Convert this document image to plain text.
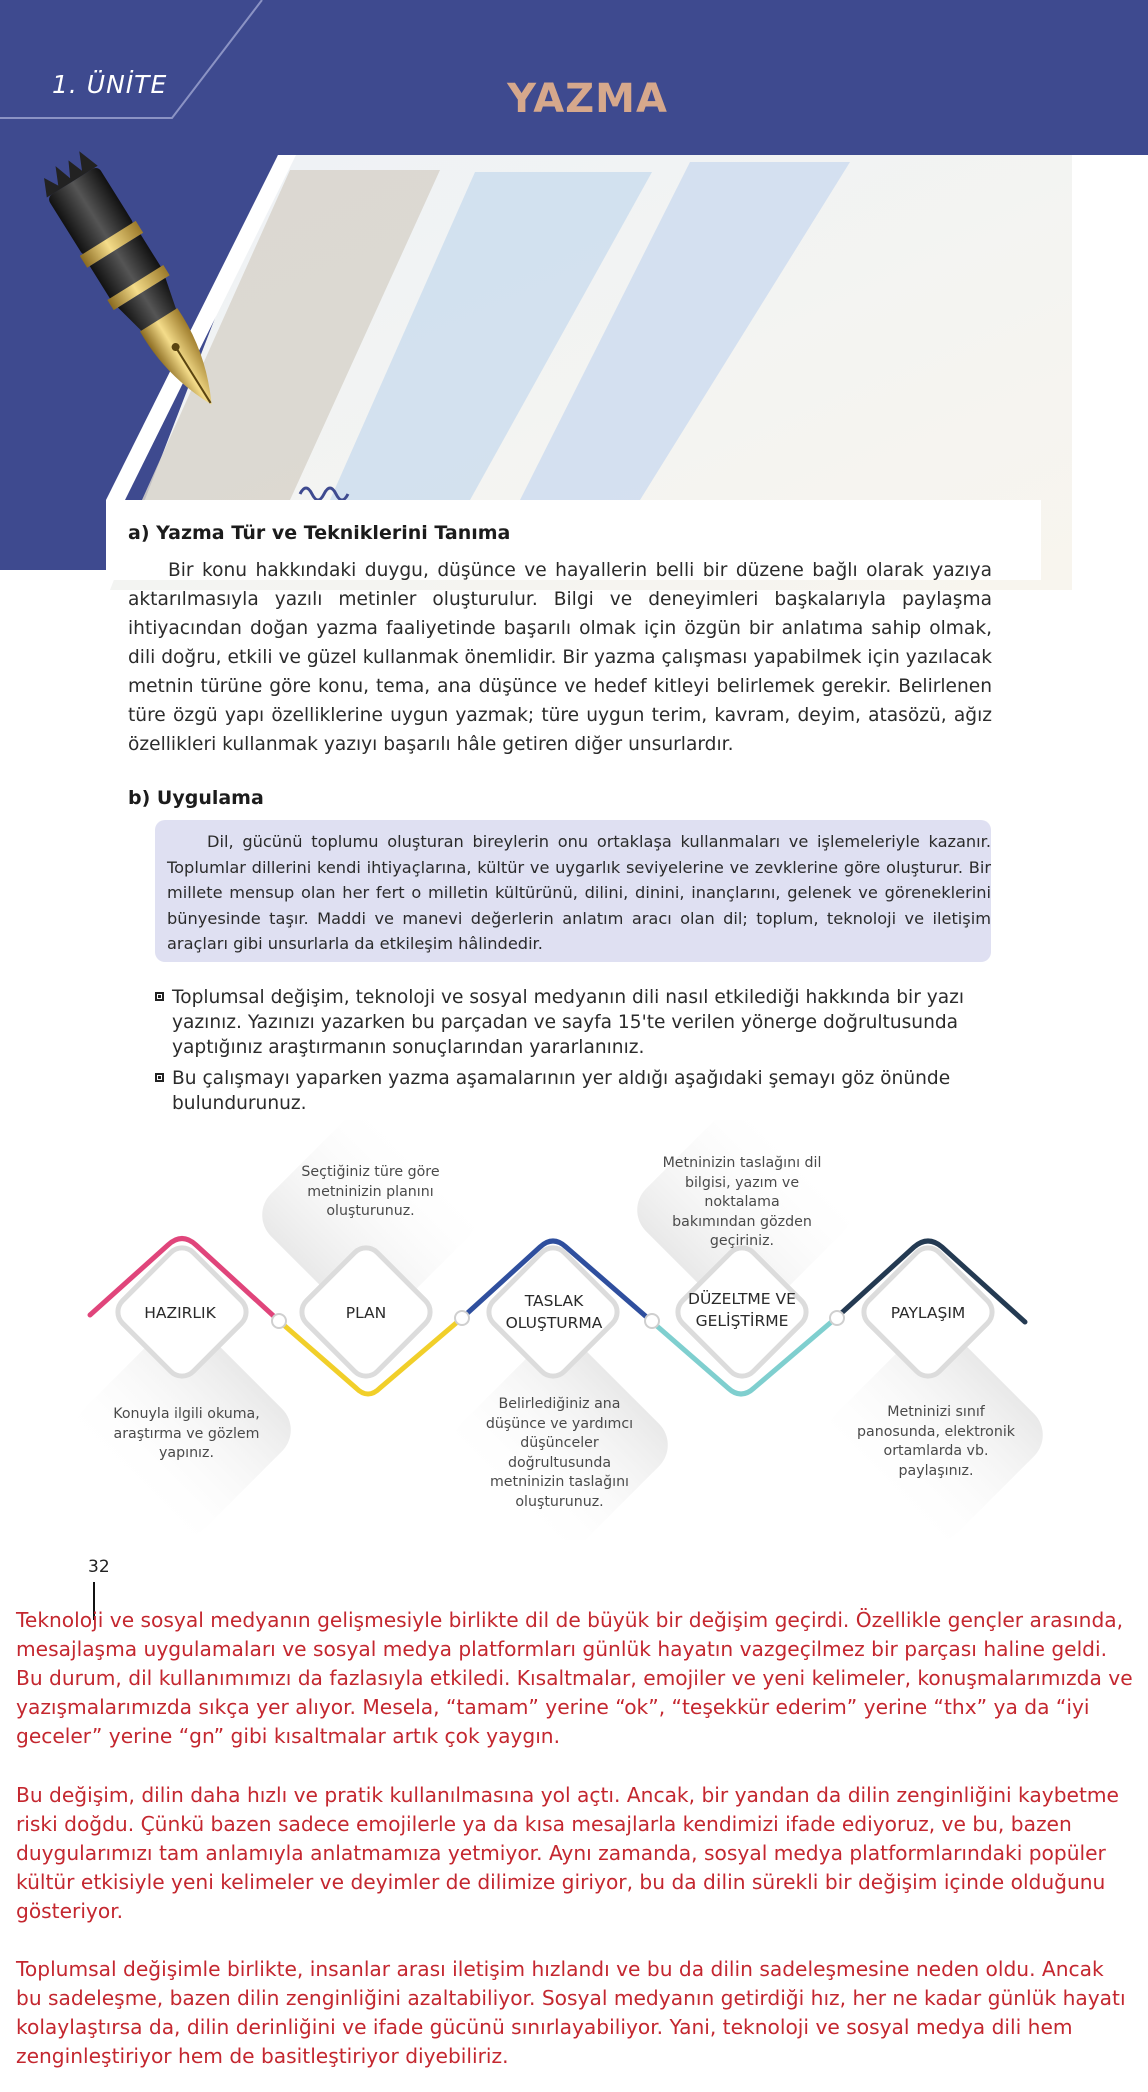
1. ÜNİTE	YAZMA
a) Yazma Tür ve Tekniklerini Tanıma

Bir konu hakkındaki duygu, düşünce ve hayallerin belli bir düzene bağlı olarak yazıya aktarılmasıyla yazılı metinler oluşturulur. Bilgi ve deneyimleri başkalarıyla paylaşma ihtiyacından doğan yazma faaliyetinde başarılı olmak için özgün bir anlatıma sahip olmak, dili doğru, etkili ve güzel kullanmak önemlidir. Bir yazma çalışması yapabilmek için yazılacak metnin türüne göre konu, tema, ana düşünce ve hedef kitleyi belirlemek gerekir. Belirlenen türe özgü yapı özelliklerine uygun yazmak; türe uygun terim, kavram, deyim, atasözü, ağız özellikleri kullanmak yazıyı başarılı hâle getiren diğer unsurlardır.

b) Uygulama

Dil, gücünü toplumu oluşturan bireylerin onu ortaklaşa kullanmaları ve işlemeleriyle kazanır. Toplumlar dillerini kendi ihtiyaçlarına, kültür ve uygarlık seviyelerine ve zevklerine göre oluşturur. Bir millete mensup olan her fert o milletin kültürünü, dilini, dinini, inançlarını, gelenek ve göreneklerini bünyesinde taşır. Maddi ve manevi değerlerin anlatım aracı olan dil; toplum, teknoloji ve iletişim araçları gibi unsurlarla da etkileşim hâlindedir.

Toplumsal değişim, teknoloji ve sosyal medyanın dili nasıl etkilediği hakkında bir yazı yazınız. Yazınızı yazarken bu parçadan ve sayfa 15'te verilen yönerge doğrultusunda yaptığınız araştırmanın sonuçlarından yararlanınız.
Bu çalışmayı yaparken yazma aşamalarının yer aldığı aşağıdaki şemayı göz önünde bulundurunuz.
HAZIRLIK	PLAN
TASLAK OLUŞTURMA
DÜZELTME VE GELİŞTİRME	PAYLAŞIM
Seçtiğiniz türe göre metninizin planını oluşturunuz.
Metninizin taslağını dil bilgisi, yazım ve noktalama bakımından gözden geçiriniz.
Konuyla ilgili okuma, araştırma ve gözlem yapınız.
Belirlediğiniz ana düşünce ve yardımcı düşünceler doğrultusunda metninizin taslağını oluşturunuz.
Metninizi sınıf panosunda, elektronik ortamlarda vb. paylaşınız.
32

Teknoloji ve sosyal medyanın gelişmesiyle birlikte dil de büyük bir değişim geçirdi. Özellikle gençler arasında, mesajlaşma uygulamaları ve sosyal medya platformları günlük hayatın vazgeçilmez bir parçası haline geldi. Bu durum, dil kullanımımızı da fazlasıyla etkiledi. Kısaltmalar, emojiler ve yeni kelimeler, konuşmalarımızda ve yazışmalarımızda sıkça yer alıyor. Mesela, “tamam” yerine “ok”, “teşekkür ederim” yerine “thx” ya da “iyi geceler” yerine “gn” gibi kısaltmalar artık çok yaygın.

Bu değişim, dilin daha hızlı ve pratik kullanılmasına yol açtı. Ancak, bir yandan da dilin zenginliğini kaybetme riski doğdu. Çünkü bazen sadece emojilerle ya da kısa mesajlarla kendimizi ifade ediyoruz, ve bu, bazen duygularımızı tam anlamıyla anlatmamıza yetmiyor. Aynı zamanda, sosyal medya platformlarındaki popüler kültür etkisiyle yeni kelimeler ve deyimler de dilimize giriyor, bu da dilin sürekli bir değişim içinde olduğunu gösteriyor.

Toplumsal değişimle birlikte, insanlar arası iletişim hızlandı ve bu da dilin sadeleşmesine neden oldu. Ancak bu sadeleşme, bazen dilin zenginliğini azaltabiliyor. Sosyal medyanın getirdiği hız, her ne kadar günlük hayatı kolaylaştırsa da, dilin derinliğini ve ifade gücünü sınırlayabiliyor. Yani, teknoloji ve sosyal medya dili hem zenginleştiriyor hem de basitleştiriyor diyebiliriz.
